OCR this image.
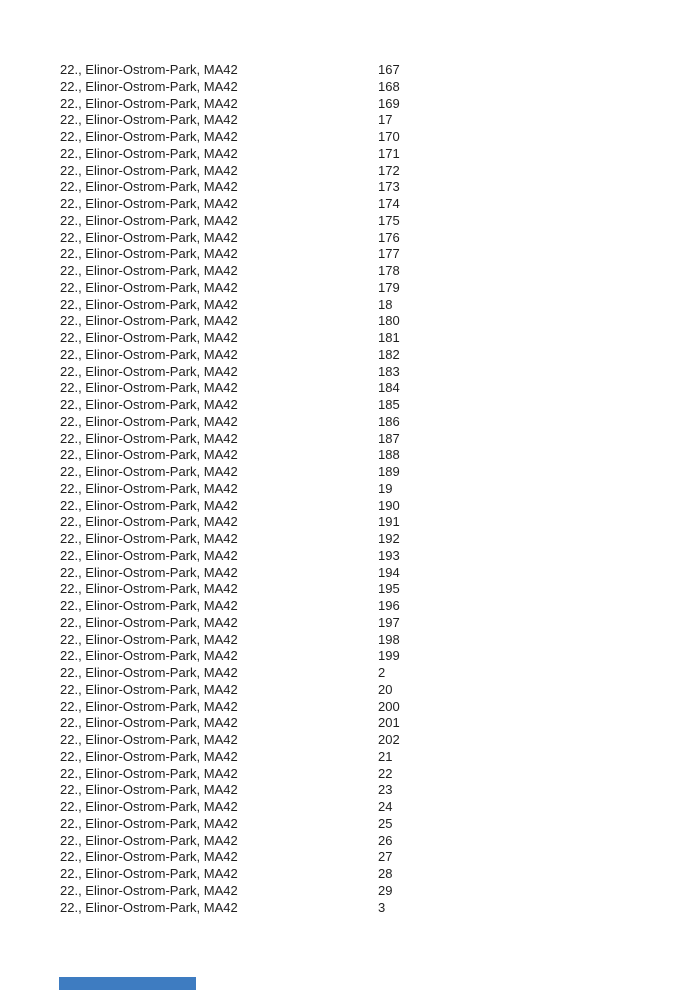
22., Elinor-Ostrom-Park, MA42	167
22., Elinor-Ostrom-Park, MA42	168
22., Elinor-Ostrom-Park, MA42	169
22., Elinor-Ostrom-Park, MA42	17
22., Elinor-Ostrom-Park, MA42	170
22., Elinor-Ostrom-Park, MA42	171
22., Elinor-Ostrom-Park, MA42	172
22., Elinor-Ostrom-Park, MA42	173
22., Elinor-Ostrom-Park, MA42	174
22., Elinor-Ostrom-Park, MA42	175
22., Elinor-Ostrom-Park, MA42	176
22., Elinor-Ostrom-Park, MA42	177
22., Elinor-Ostrom-Park, MA42	178
22., Elinor-Ostrom-Park, MA42	179
22., Elinor-Ostrom-Park, MA42	18
22., Elinor-Ostrom-Park, MA42	180
22., Elinor-Ostrom-Park, MA42	181
22., Elinor-Ostrom-Park, MA42	182
22., Elinor-Ostrom-Park, MA42	183
22., Elinor-Ostrom-Park, MA42	184
22., Elinor-Ostrom-Park, MA42	185
22., Elinor-Ostrom-Park, MA42	186
22., Elinor-Ostrom-Park, MA42	187
22., Elinor-Ostrom-Park, MA42	188
22., Elinor-Ostrom-Park, MA42	189
22., Elinor-Ostrom-Park, MA42	19
22., Elinor-Ostrom-Park, MA42	190
22., Elinor-Ostrom-Park, MA42	191
22., Elinor-Ostrom-Park, MA42	192
22., Elinor-Ostrom-Park, MA42	193
22., Elinor-Ostrom-Park, MA42	194
22., Elinor-Ostrom-Park, MA42	195
22., Elinor-Ostrom-Park, MA42	196
22., Elinor-Ostrom-Park, MA42	197
22., Elinor-Ostrom-Park, MA42	198
22., Elinor-Ostrom-Park, MA42	199
22., Elinor-Ostrom-Park, MA42	2
22., Elinor-Ostrom-Park, MA42	20
22., Elinor-Ostrom-Park, MA42	200
22., Elinor-Ostrom-Park, MA42	201
22., Elinor-Ostrom-Park, MA42	202
22., Elinor-Ostrom-Park, MA42	21
22., Elinor-Ostrom-Park, MA42	22
22., Elinor-Ostrom-Park, MA42	23
22., Elinor-Ostrom-Park, MA42	24
22., Elinor-Ostrom-Park, MA42	25
22., Elinor-Ostrom-Park, MA42	26
22., Elinor-Ostrom-Park, MA42	27
22., Elinor-Ostrom-Park, MA42	28
22., Elinor-Ostrom-Park, MA42	29
22., Elinor-Ostrom-Park, MA42	3
